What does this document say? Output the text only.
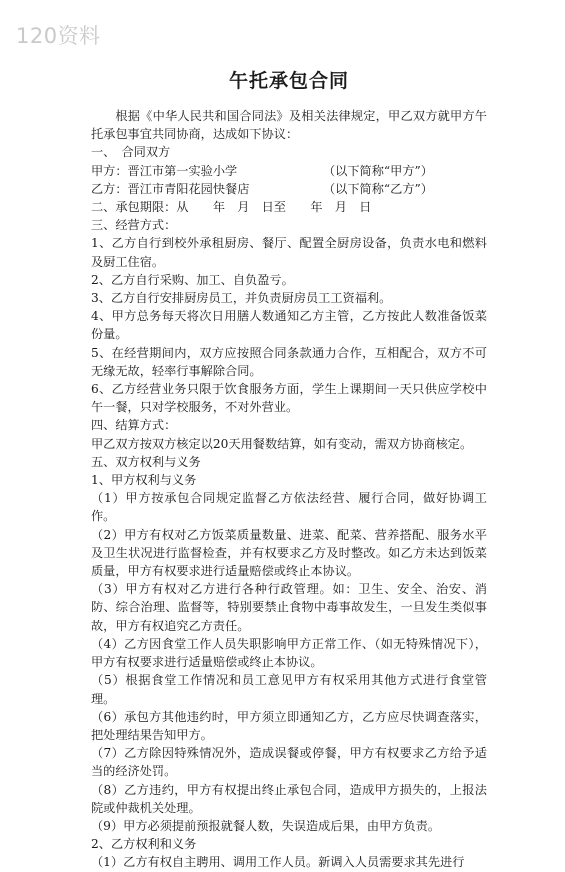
120资料
午托承包合同
根据《中华人民共和国合同法》及相关法律规定，甲乙双方就甲方午托承包事宜共同协商，达成如下协议：
一、　合同双方
甲方：晋江市第一实验小学	（以下简称“甲方”）
乙方：晋江市青阳花园快餐店	（以下简称“乙方”）
二、承包期限：从　　年　月　日至　　年　月　日
三、经营方式：
1、乙方自行到校外承租厨房、餐厅、配置全厨房设备，负责水电和燃料及厨工住宿。
2、乙方自行采购、加工、自负盈亏。
3、乙方自行安排厨房员工，并负责厨房员工工资福利。
4、甲方总务每天将次日用膳人数通知乙方主管，乙方按此人数准备饭菜份量。
5、在经营期间内，双方应按照合同条款通力合作，互相配合，双方不可无缘无故，轻率行事解除合同。
6、乙方经营业务只限于饮食服务方面，学生上课期间一天只供应学校中午一餐，只对学校服务，不对外营业。
四、结算方式：
甲乙双方按双方核定以20天用餐数结算，如有变动，需双方协商核定。
五、双方权利与义务
1、甲方权利与义务
（1）甲方按承包合同规定监督乙方依法经营、履行合同，做好协调工作。
（2）甲方有权对乙方饭菜质量数量、进菜、配菜、营养搭配、服务水平及卫生状况进行监督检查，并有权要求乙方及时整改。如乙方未达到饭菜质量，甲方有权要求进行适量赔偿或终止本协议。
（3）甲方有权对乙方进行各种行政管理。如：卫生、安全、治安、消防、综合治理、监督等，特别要禁止食物中毒事故发生，一旦发生类似事故，甲方有权追究乙方责任。
（4）乙方因食堂工作人员失职影响甲方正常工作、（如无特殊情况下），甲方有权要求进行适量赔偿或终止本协议。
（5）根据食堂工作情况和员工意见甲方有权采用其他方式进行食堂管理。
（6）承包方其他违约时，甲方须立即通知乙方，乙方应尽快调查落实，把处理结果告知甲方。
（7）乙方除因特殊情况外，造成误餐或停餐，甲方有权要求乙方给予适当的经济处罚。
（8）乙方违约，甲方有权提出终止承包合同，造成甲方损失的，上报法院或仲裁机关处理。
（9）甲方必须提前预报就餐人数，失误造成后果，由甲方负责。
2、乙方权利和义务
（1）乙方有权自主聘用、调用工作人员。新调入人员需要求其先进行
